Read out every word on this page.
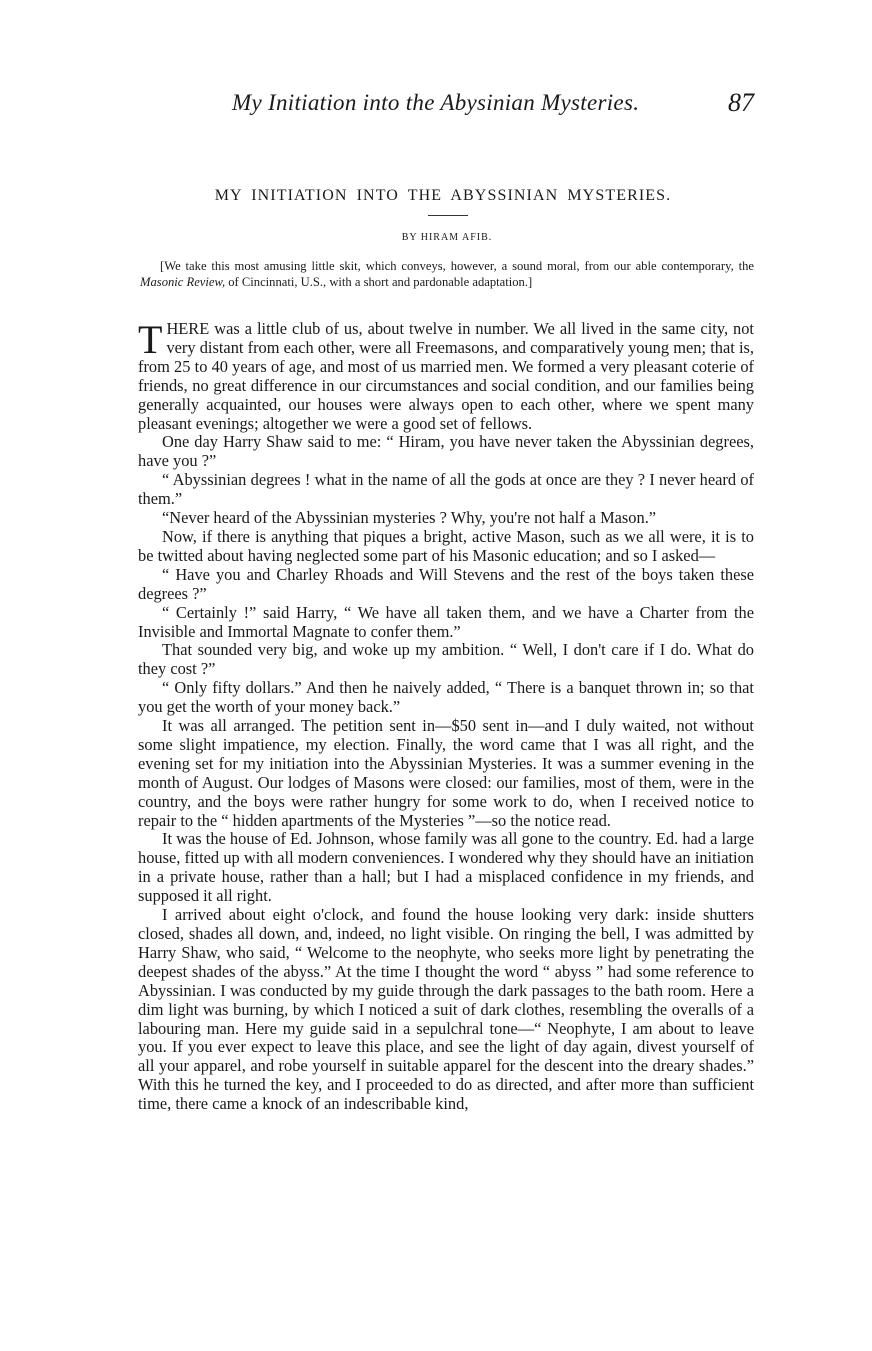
My Initiation into the Abysinian Mysteries.	87
MY INITIATION INTO THE ABYSSINIAN MYSTERIES.
BY HIRAM AFIB.
[We take this most amusing little skit, which conveys, however, a sound moral, from our able contemporary, the Masonic Review, of Cincinnati, U.S., with a short and pardonable adaptation.]

THERE was a little club of us, about twelve in number. We all lived in the same city, not very distant from each other, were all Freemasons, and comparatively young men; that is, from 25 to 40 years of age, and most of us married men. We formed a very pleasant coterie of friends, no great difference in our circumstances and social condition, and our families being generally acquainted, our houses were always open to each other, where we spent many pleasant evenings; altogether we were a good set of fellows.

One day Harry Shaw said to me: “ Hiram, you have never taken the Abyssinian degrees, have you ?”

“ Abyssinian degrees ! what in the name of all the gods at once are they ? I never heard of them.”

“Never heard of the Abyssinian mysteries ? Why, you're not half a Mason.”

Now, if there is anything that piques a bright, active Mason, such as we all were, it is to be twitted about having neglected some part of his Masonic education; and so I asked—

“ Have you and Charley Rhoads and Will Stevens and the rest of the boys taken these degrees ?”

“ Certainly !” said Harry, “ We have all taken them, and we have a Charter from the Invisible and Immortal Magnate to confer them.”

That sounded very big, and woke up my ambition. “ Well, I don't care if I do. What do they cost ?”

“ Only fifty dollars.” And then he naively added, “ There is a banquet thrown in; so that you get the worth of your money back.”

It was all arranged. The petition sent in—$50 sent in—and I duly waited, not without some slight impatience, my election. Finally, the word came that I was all right, and the evening set for my initiation into the Abyssinian Mysteries. It was a summer evening in the month of August. Our lodges of Masons were closed: our families, most of them, were in the country, and the boys were rather hungry for some work to do, when I received notice to repair to the “ hidden apartments of the Mysteries ”—so the notice read.

It was the house of Ed. Johnson, whose family was all gone to the country. Ed. had a large house, fitted up with all modern conveniences. I wondered why they should have an initiation in a private house, rather than a hall; but I had a misplaced confidence in my friends, and supposed it all right.

I arrived about eight o'clock, and found the house looking very dark: inside shutters closed, shades all down, and, indeed, no light visible. On ringing the bell, I was admitted by Harry Shaw, who said, “ Welcome to the neophyte, who seeks more light by penetrating the deepest shades of the abyss.” At the time I thought the word “ abyss ” had some reference to Abyssinian. I was conducted by my guide through the dark passages to the bath room. Here a dim light was burning, by which I noticed a suit of dark clothes, resembling the overalls of a labouring man. Here my guide said in a sepulchral tone—“ Neophyte, I am about to leave you. If you ever expect to leave this place, and see the light of day again, divest yourself of all your apparel, and robe yourself in suitable apparel for the descent into the dreary shades.” With this he turned the key, and I proceeded to do as directed, and after more than sufficient time, there came a knock of an indescribable kind,
